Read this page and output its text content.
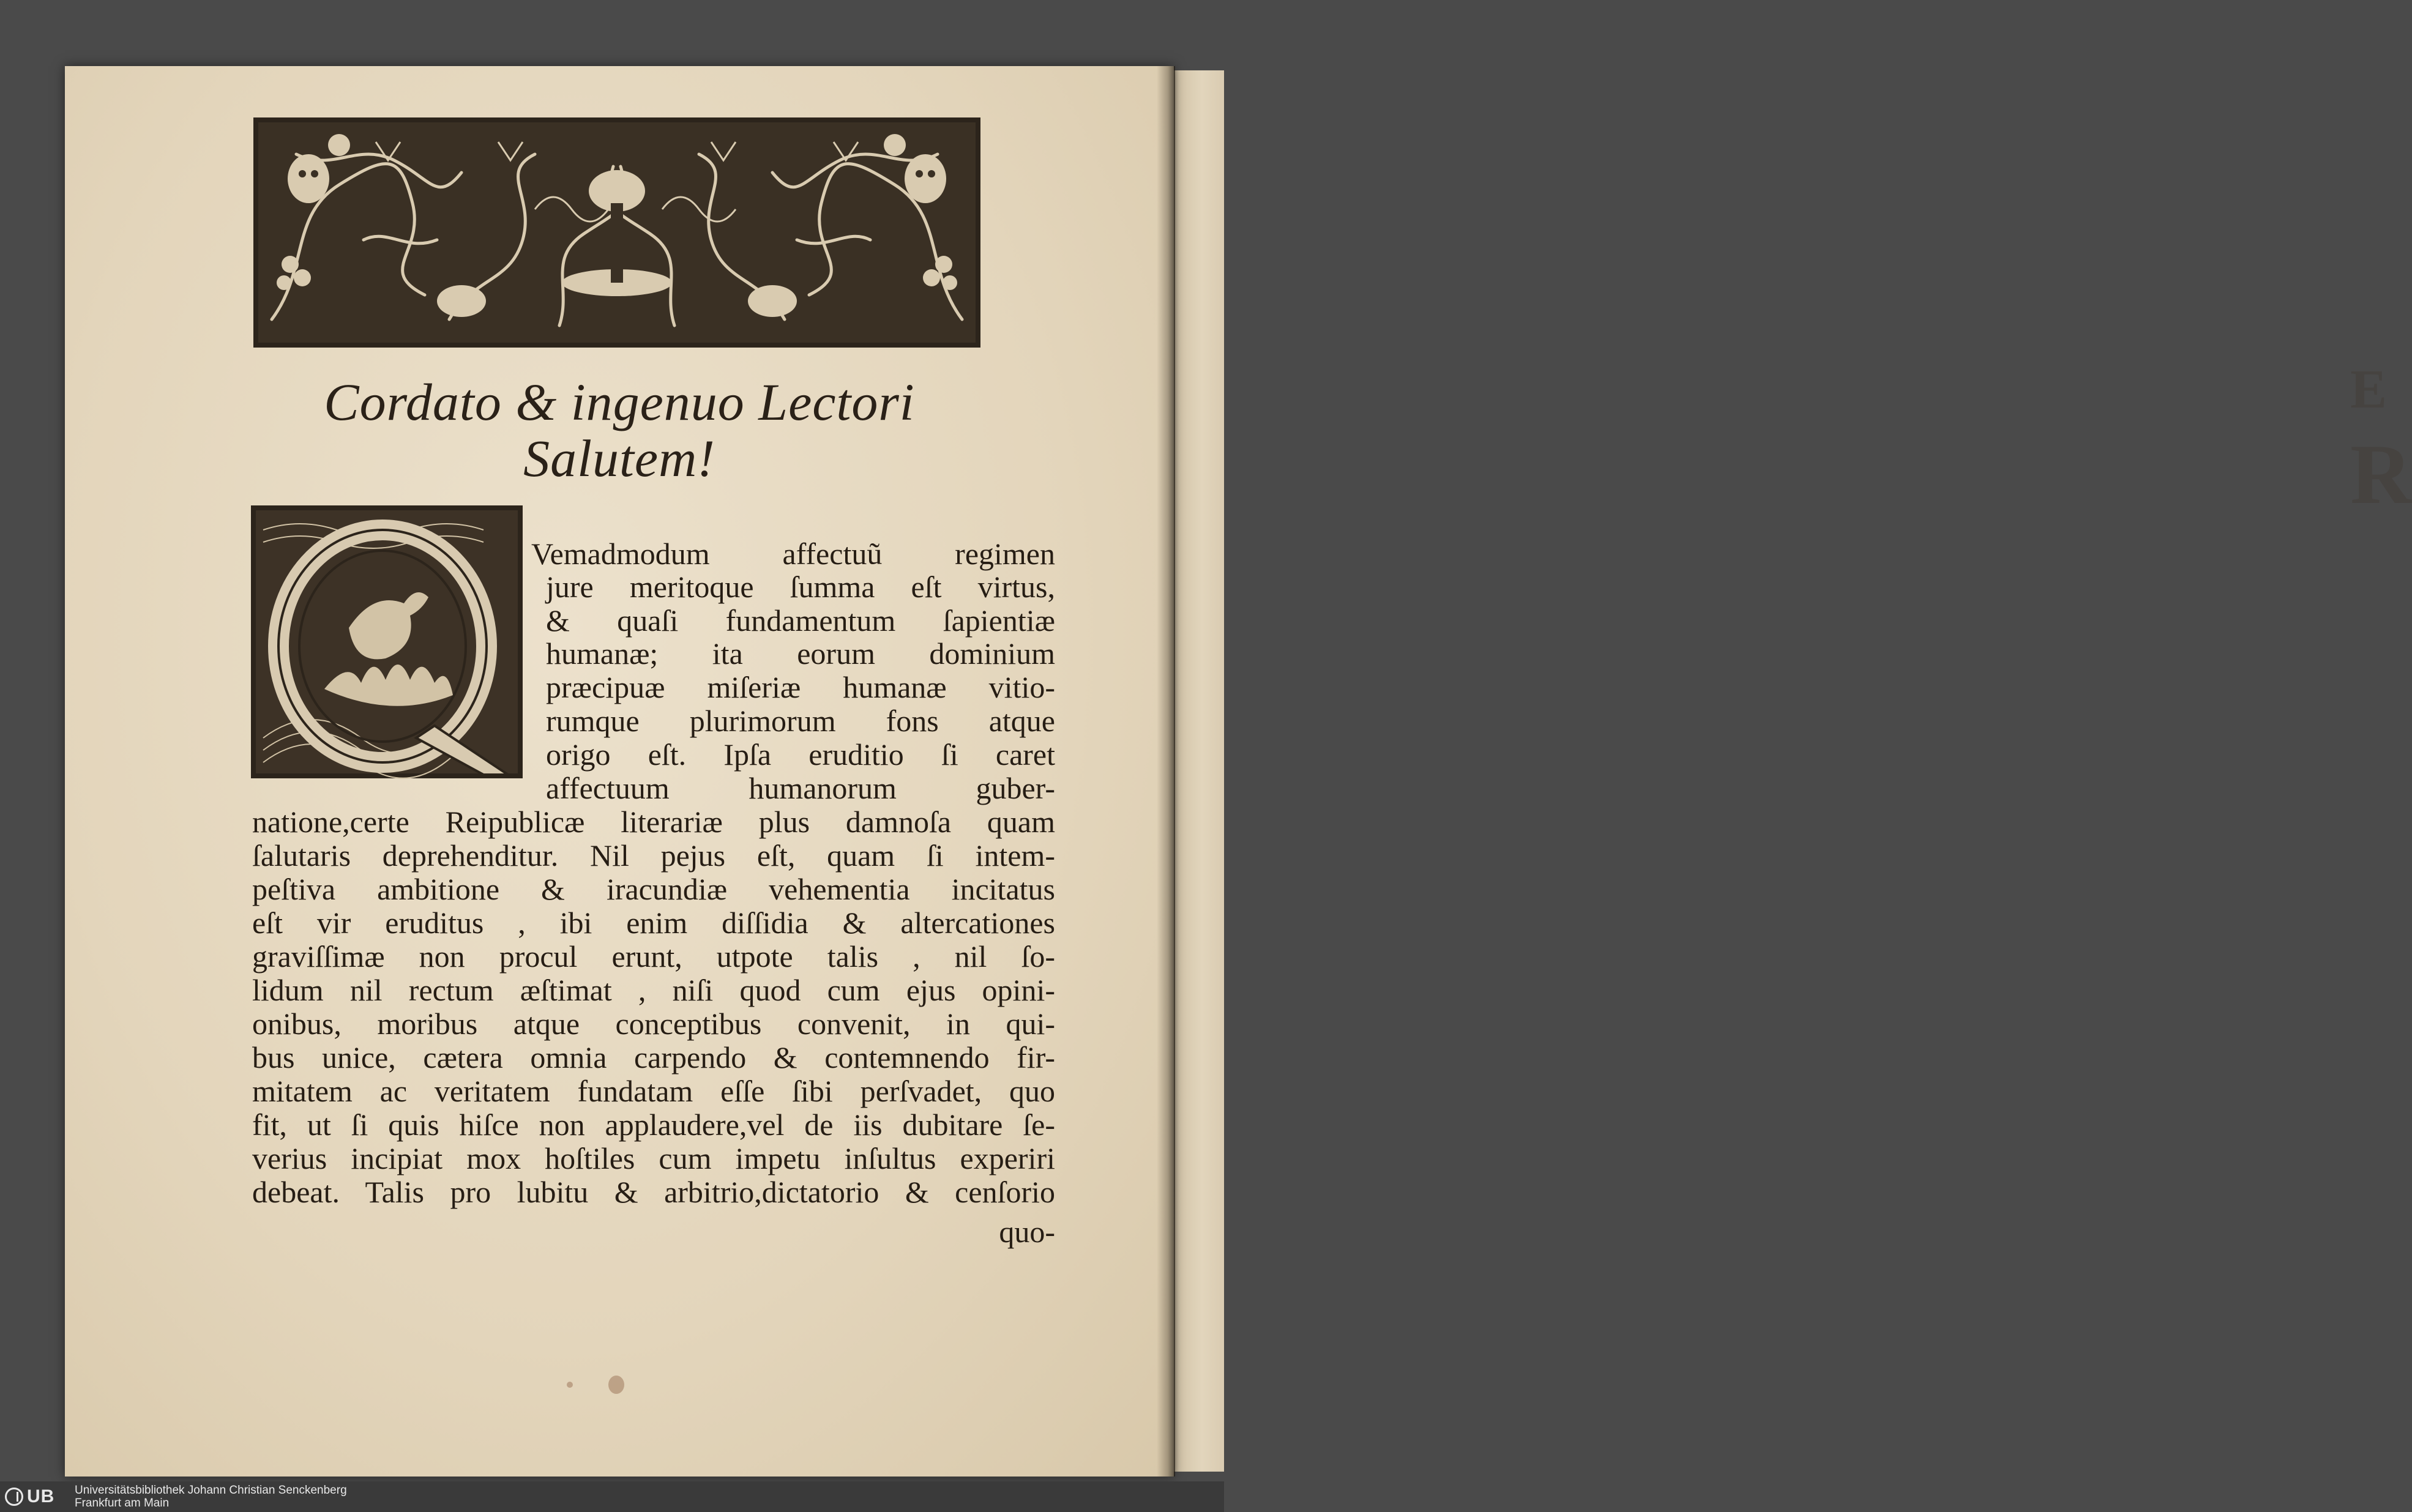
E
R
Cordato & ingenuo Lectori
Salutem!
Vemadmodum affectuũ regimen
jure meritoque ſumma eſt virtus,
& quaſi fundamentum ſapientiæ
humanæ; ita eorum dominium
præcipuæ miſeriæ humanæ vitio-
rumque plurimorum fons atque
origo eſt. Ipſa eruditio ſi caret
affectuum humanorum guber-
natione,certe Reipublicæ literariæ plus damnoſa quam
ſalutaris deprehenditur. Nil pejus eſt, quam ſi intem-
peſtiva ambitione & iracundiæ vehementia incitatus
eſt vir eruditus , ibi enim diſſidia & altercationes
graviſſimæ non procul erunt, utpote talis , nil ſo-
lidum nil rectum æſtimat , niſi quod cum ejus opini-
onibus, moribus atque conceptibus convenit, in qui-
bus unice, cætera omnia carpendo & contemnendo fir-
mitatem ac veritatem fundatam eſſe ſibi perſvadet, quo
fit, ut ſi quis hiſce non applaudere,vel de iis dubitare ſe-
verius incipiat mox hoſtiles cum impetu inſultus experiri
debeat. Talis pro lubitu & arbitrio,dictatorio & cenſorio
quo-
UB Universitätsbibliothek Johann Christian Senckenberg
Frankfurt am Main
